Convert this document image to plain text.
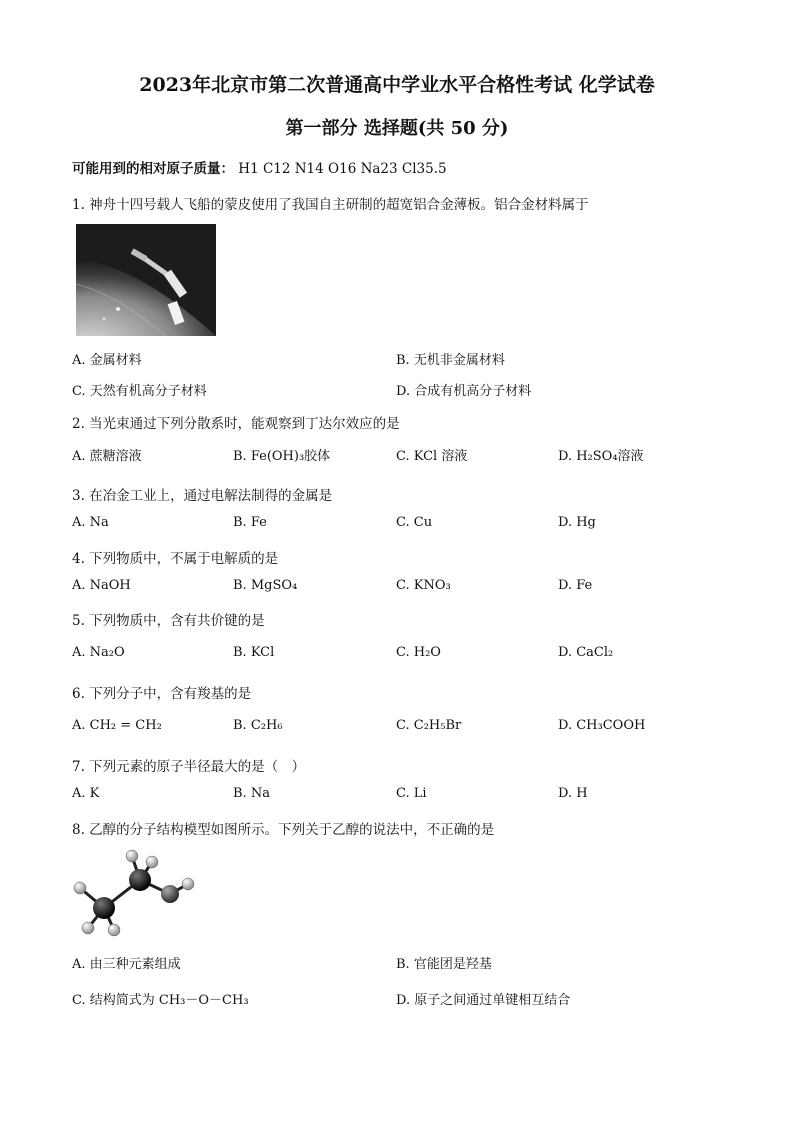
2023年北京市第二次普通高中学业水平合格性考试 化学试卷
第一部分 选择题(共 50 分)
可能用到的相对原子质量： H1 C12 N14 O16 Na23 Cl35.5
1. 神舟十四号载人飞船的蒙皮使用了我国自主研制的超宽铝合金薄板。铝合金材料属于
A. 金属材料	B. 无机非金属材料
C. 天然有机高分子材料	D. 合成有机高分子材料
2. 当光束通过下列分散系时，能观察到丁达尔效应的是
A. 蔗糖溶液	B. Fe(OH)₃胶体	C. KCl 溶液	D. H₂SO₄溶液
3. 在冶金工业上，通过电解法制得的金属是
A. Na	B. Fe	C. Cu	D. Hg
4. 下列物质中，不属于电解质的是
A. NaOH	B. MgSO₄	C. KNO₃	D. Fe
5. 下列物质中，含有共价键的是
A. Na₂O	B. KCl	C. H₂O	D. CaCl₂
6. 下列分子中，含有羧基的是
A. CH₂ = CH₂	B. C₂H₆	C. C₂H₅Br	D. CH₃COOH
7. 下列元素的原子半径最大的是（　）
A. K	B. Na	C. Li	D. H
8. 乙醇的分子结构模型如图所示。下列关于乙醇的说法中，不正确的是
A. 由三种元素组成	B. 官能团是羟基
C. 结构简式为 CH₃－O－CH₃	D. 原子之间通过单键相互结合
